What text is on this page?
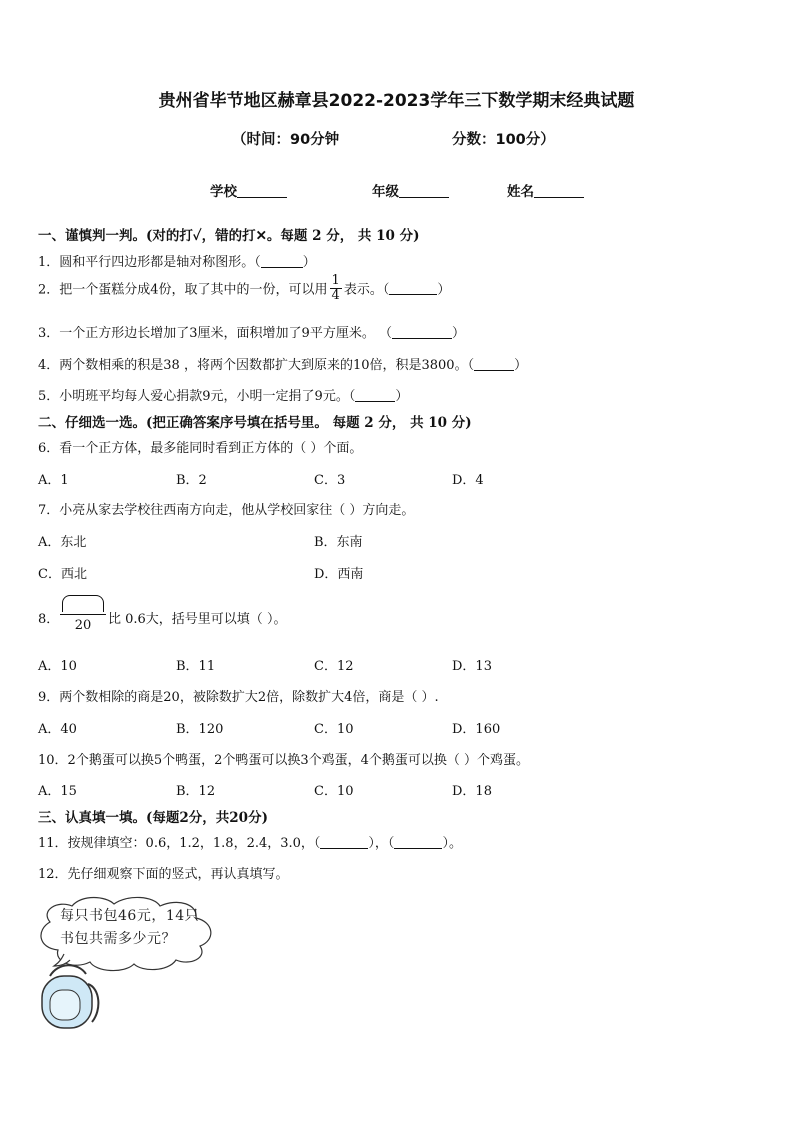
贵州省毕节地区赫章县2022-2023学年三下数学期末经典试题
（时间：90分钟	分数：100分）
学校	年级	姓名
一、谨慎判一判。(对的打✓，错的打✕。每题 2 分， 共 10 分)
1．圆和平行四边形都是轴对称图形。（	）
2．把一个蛋糕分成4份，取了其中的一份，可以用 $\frac{1}{4}$ 表示。（	）
3．一个正方形边长增加了3厘米，面积增加了9平方厘米。 （	）
4．两个数相乘的积是38 ，将两个因数都扩大到原来的10倍，积是3800。（	）
5．小明班平均每人爱心捐款9元，小明一定捐了9元。（	）
二、仔细选一选。(把正确答案序号填在括号里。 每题 2 分， 共 10 分)
6．看一个正方体，最多能同时看到正方体的（ ）个面。
A．1	B．2	C．3	D．4
7．小亮从家去学校往西南方向走，他从学校回家往（ ）方向走。
A．东北	B．东南
C．西北	D．西南
8．	20	比 0.6大，括号里可以填（ ）。
A．10	B．11	C．12	D．13
9．两个数相除的商是20，被除数扩大2倍，除数扩大4倍，商是（ ）.
A．40	B．120	C．10	D．160
10．2个鹅蛋可以换5个鸭蛋，2个鸭蛋可以换3个鸡蛋，4个鹅蛋可以换（ ）个鸡蛋。
A．15	B．12	C．10	D．18
三、认真填一填。(每题2分，共20分)
11．按规律填空：0.6，1.2，1.8，2.4，3.0，（	），（	）。
12．先仔细观察下面的竖式，再认真填写。
每只书包46元，14只
书包共需多少元？
